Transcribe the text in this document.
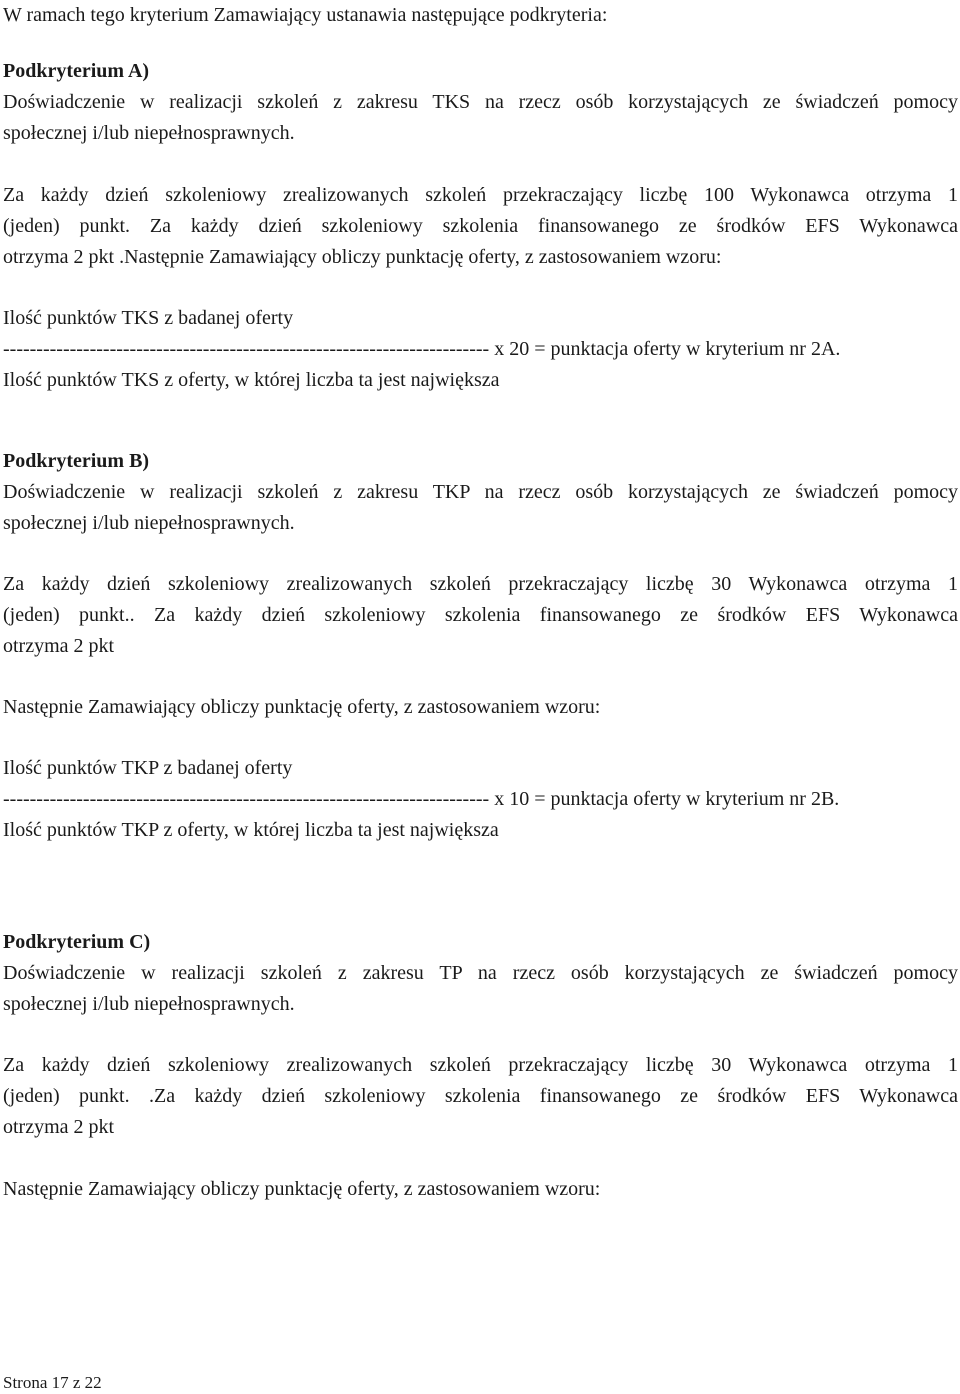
W ramach tego kryterium Zamawiający ustanawia następujące podkryteria:
Podkryterium A)
Doświadczenie w realizacji szkoleń z zakresu TKS na rzecz osób korzystających ze świadczeń pomocy
społecznej i/lub niepełnosprawnych.
Za każdy dzień szkoleniowy zrealizowanych szkoleń przekraczający liczbę 100 Wykonawca otrzyma 1
(jeden) punkt. Za każdy dzień szkoleniowy szkolenia finansowanego ze środków EFS Wykonawca
otrzyma 2 pkt .Następnie Zamawiający obliczy punktację oferty, z zastosowaniem wzoru:
Ilość punktów TKS z badanej oferty
------------------------------------------------------------------------- x 20 = punktacja oferty w kryterium nr 2A.
Ilość punktów TKS z oferty, w której liczba ta jest największa
Podkryterium B)
Doświadczenie w realizacji szkoleń z zakresu TKP na rzecz osób korzystających ze świadczeń pomocy
społecznej i/lub niepełnosprawnych.
Za każdy dzień szkoleniowy zrealizowanych szkoleń przekraczający liczbę 30 Wykonawca otrzyma 1
(jeden) punkt.. Za każdy dzień szkoleniowy szkolenia finansowanego ze środków EFS Wykonawca
otrzyma 2 pkt
Następnie Zamawiający obliczy punktację oferty, z zastosowaniem wzoru:
Ilość punktów TKP z badanej oferty
------------------------------------------------------------------------- x 10 = punktacja oferty w kryterium nr 2B.
Ilość punktów TKP z oferty, w której liczba ta jest największa
Podkryterium C)
Doświadczenie w realizacji szkoleń z zakresu TP na rzecz osób korzystających ze świadczeń pomocy
społecznej i/lub niepełnosprawnych.
Za każdy dzień szkoleniowy zrealizowanych szkoleń przekraczający liczbę 30 Wykonawca otrzyma 1
(jeden) punkt. .Za każdy dzień szkoleniowy szkolenia finansowanego ze środków EFS Wykonawca
otrzyma 2 pkt
Następnie Zamawiający obliczy punktację oferty, z zastosowaniem wzoru:
Strona 17 z 22
